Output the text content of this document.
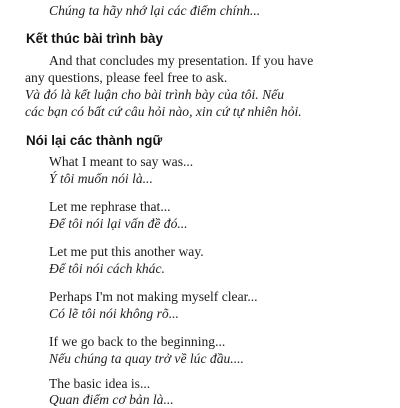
Chúng ta hãy nhớ lại các điểm chính...
Kết thúc bài trình bày
And that concludes my presentation. If you have
any questions, please feel free to ask.
Và đó là kết luận cho bài trình bày của tôi. Nếu
các bạn có bất cứ câu hỏi nào, xin cứ tự nhiên hỏi.
Nói lại các thành ngữ
What I meant to say was...
Ý tôi muốn nói là...
Let me rephrase that...
Để tôi nói lại vấn đề đó...
Let me put this another way.
Để tôi nói cách khác.
Perhaps I'm not making myself clear...
Có lẽ tôi nói không rõ...
If we go back to the beginning...
Nếu chúng ta quay trở về lúc đầu....
The basic idea is...
Quan điểm cơ bản là...
